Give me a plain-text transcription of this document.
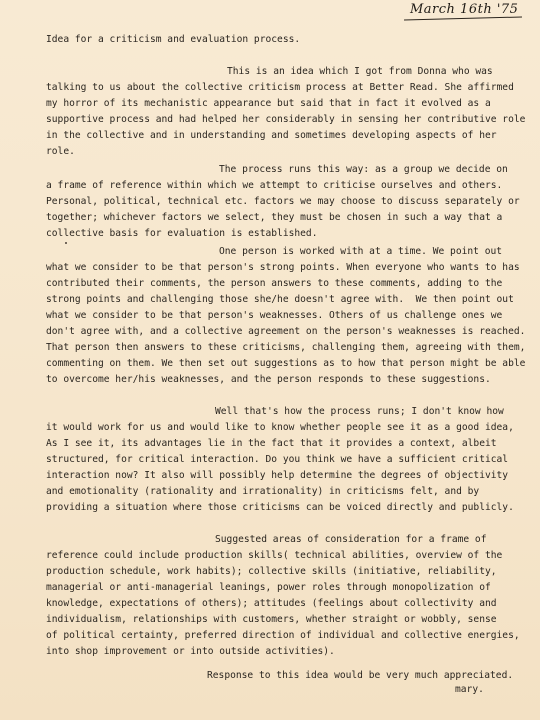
March 16th '75
Idea for a criticism and evaluation process.
This is an idea which I got from Donna who was
talking to us about the collective criticism process at Better Read. She affirmed
my horror of its mechanistic appearance but said that in fact it evolved as a
supportive process and had helped her considerably in sensing her contributive role
in the collective and in understanding and sometimes developing aspects of her
role.
The process runs this way: as a group we decide on
a frame of reference within which we attempt to criticise ourselves and others.
Personal, political, technical etc. factors we may choose to discuss separately or
together; whichever factors we select, they must be chosen in such a way that a
collective basis for evaluation is established.
One person is worked with at a time. We point out
what we consider to be that person's strong points. When everyone who wants to has
contributed their comments, the person answers to these comments, adding to the
strong points and challenging those she/he doesn't agree with.  We then point out
what we consider to be that person's weaknesses. Others of us challenge ones we
don't agree with, and a collective agreement on the person's weaknesses is reached.
That person then answers to these criticisms, challenging them, agreeing with them,
commenting on them. We then set out suggestions as to how that person might be able
to overcome her/his weaknesses, and the person responds to these suggestions.
Well that's how the process runs; I don't know how
it would work for us and would like to know whether people see it as a good idea,
As I see it, its advantages lie in the fact that it provides a context, albeit
structured, for critical interaction. Do you think we have a sufficient critical
interaction now? It also will possibly help determine the degrees of objectivity
and emotionality (rationality and irrationality) in criticisms felt, and by
providing a situation where those criticisms can be voiced directly and publicly.
Suggested areas of consideration for a frame of
reference could include production skills( technical abilities, overview of the
production schedule, work habits); collective skills (initiative, reliability,
managerial or anti-managerial leanings, power roles through monopolization of
knowledge, expectations of others); attitudes (feelings about collectivity and
individualism, relationships with customers, whether straight or wobbly, sense
of political certainty, preferred direction of individual and collective energies,
into shop improvement or into outside activities).
Response to this idea would be very much appreciated.
mary.
